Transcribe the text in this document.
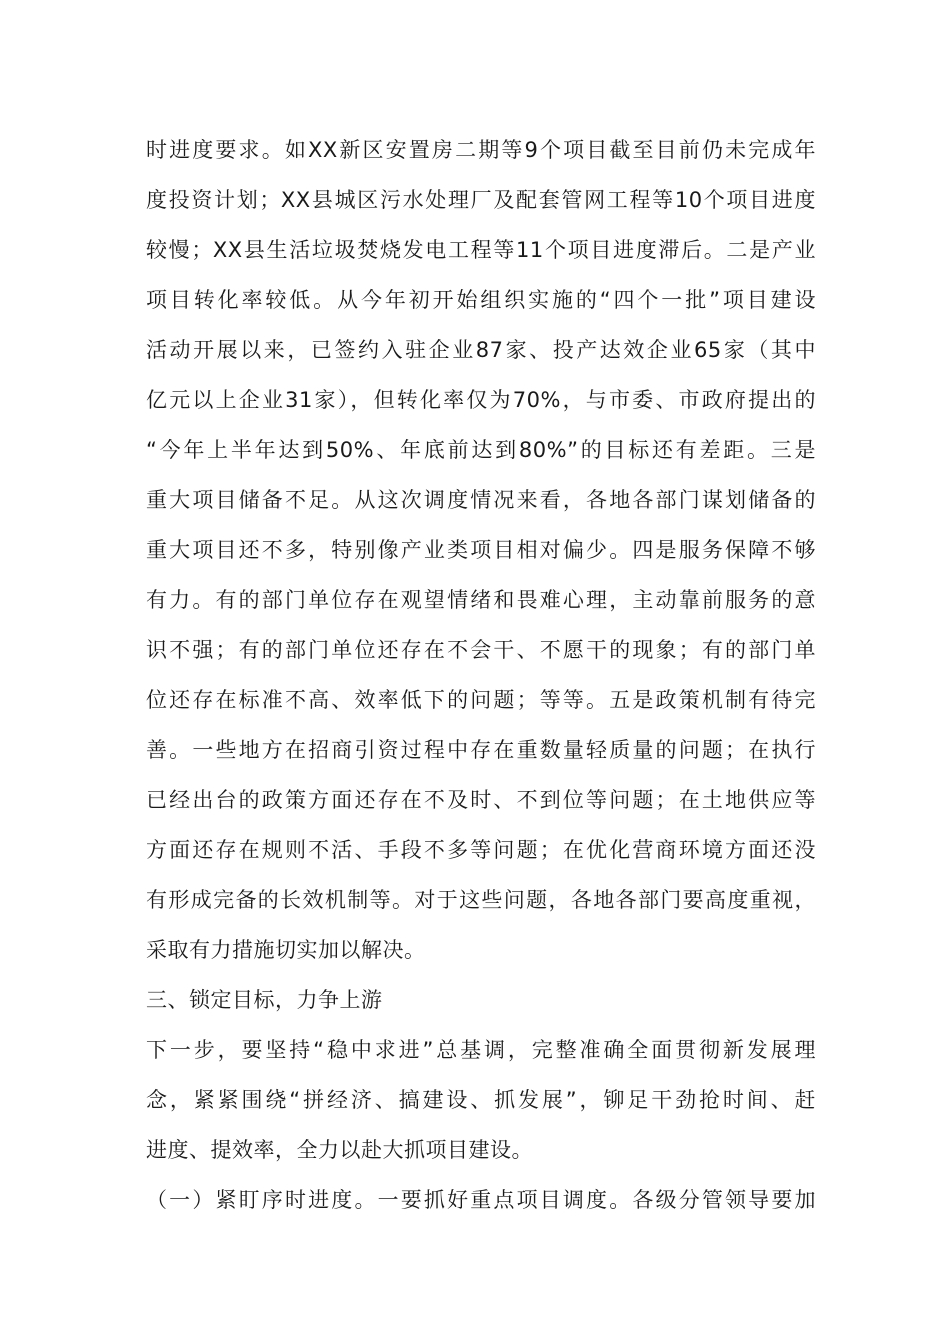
时进度要求。如XX新区安置房二期等9个项目截至目前仍未完成年
度投资计划；XX县城区污水处理厂及配套管网工程等10个项目进度
较慢；XX县生活垃圾焚烧发电工程等11个项目进度滞后。二是产业
项目转化率较低。从今年初开始组织实施的“四个一批”项目建设
活动开展以来，已签约入驻企业87家、投产达效企业65家（其中
亿元以上企业31家），但转化率仅为70%，与市委、市政府提出的
“今年上半年达到50%、年底前达到80%”的目标还有差距。三是
重大项目储备不足。从这次调度情况来看，各地各部门谋划储备的
重大项目还不多，特别像产业类项目相对偏少。四是服务保障不够
有力。有的部门单位存在观望情绪和畏难心理，主动靠前服务的意
识不强；有的部门单位还存在不会干、不愿干的现象；有的部门单
位还存在标准不高、效率低下的问题；等等。五是政策机制有待完
善。一些地方在招商引资过程中存在重数量轻质量的问题；在执行
已经出台的政策方面还存在不及时、不到位等问题；在土地供应等
方面还存在规则不活、手段不多等问题；在优化营商环境方面还没
有形成完备的长效机制等。对于这些问题，各地各部门要高度重视，
采取有力措施切实加以解决。
三、锁定目标，力争上游
下一步，要坚持“稳中求进”总基调，完整准确全面贯彻新发展理
念，紧紧围绕“拼经济、搞建设、抓发展”，铆足干劲抢时间、赶
进度、提效率，全力以赴大抓项目建设。
（一）紧盯序时进度。一要抓好重点项目调度。各级分管领导要加
